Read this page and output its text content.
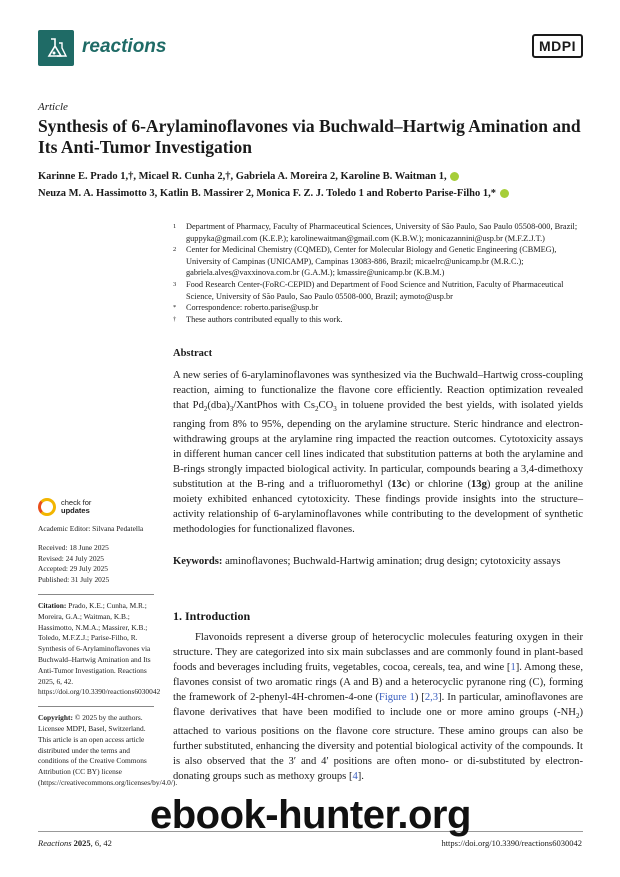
reactions	MDPI
Article
Synthesis of 6-Arylaminoflavones via Buchwald–Hartwig Amination and Its Anti-Tumor Investigation
Karinne E. Prado 1,†, Micael R. Cunha 2,†, Gabriela A. Moreira 2, Karoline B. Waitman 1,
Neuza M. A. Hassimotto 3, Katlin B. Massirer 2, Monica F. Z. J. Toledo 1 and Roberto Parise-Filho 1,*
1 Department of Pharmacy, Faculty of Pharmaceutical Sciences, University of São Paulo, Sao Paulo 05508-000, Brazil; guppyka@gmail.com (K.E.P.); karolinewaitman@gmail.com (K.B.W.); monicazannini@usp.br (M.F.Z.J.T.)
2 Center for Medicinal Chemistry (CQMED), Center for Molecular Biology and Genetic Engineering (CBMEG), University of Campinas (UNICAMP), Campinas 13083-886, Brazil; micaelrc@unicamp.br (M.R.C.); gabriela.alves@vaxxinova.com.br (G.A.M.); kmassire@unicamp.br (K.B.M.)
3 Food Research Center-(FoRC-CEPID) and Department of Food Science and Nutrition, Faculty of Pharmaceutical Science, University of São Paulo, Sao Paulo 05508-000, Brazil; aymoto@usp.br
* Correspondence: roberto.parise@usp.br
† These authors contributed equally to this work.
Abstract
A new series of 6-arylaminoflavones was synthesized via the Buchwald–Hartwig cross-coupling reaction, aiming to functionalize the flavone core efficiently. Reaction optimization revealed that $Pd_2(dba)_3$/XantPhos with $Cs_2CO_3$ in toluene provided the best yields, with isolated yields ranging from 8% to 95%, depending on the arylamine structure. Steric hindrance and electron-withdrawing groups at the arylamine ring impacted the reaction outcomes. Cytotoxicity assays in different human cancer cell lines indicated that substitution patterns at both the arylamine and B-rings strongly impacted biological activity. In particular, compounds bearing a 3,4-dimethoxy substitution at the B-ring and a trifluoromethyl (13c) or chlorine (13g) group at the aniline moiety exhibited enhanced cytotoxicity. These findings provide insights into the structure–activity relationship of 6-arylaminoflavones while contributing to the development of synthetic methodologies for functionalized flavones.
Keywords: aminoflavones; Buchwald-Hartwig amination; drug design; cytotoxicity assays
check for
updates
Academic Editor: Silvana Pedatella
Received: 18 June 2025
Revised: 24 July 2025
Accepted: 29 July 2025
Published: 31 July 2025
Citation: Prado, K.E.; Cunha, M.R.; Moreira, G.A.; Waitman, K.B.; Hassimotto, N.M.A.; Massirer, K.B.; Toledo, M.F.Z.J.; Parise-Filho, R. Synthesis of 6-Arylaminoflavones via Buchwald–Hartwig Amination and Its Anti-Tumor Investigation. Reactions 2025, 6, 42. https://doi.org/10.3390/reactions6030042
Copyright: © 2025 by the authors. Licensee MDPI, Basel, Switzerland. This article is an open access article distributed under the terms and conditions of the Creative Commons Attribution (CC BY) license (https://creativecommons.org/licenses/by/4.0/).
1. Introduction
Flavonoids represent a diverse group of heterocyclic molecules featuring oxygen in their structure. They are categorized into six main subclasses and are commonly found in plant-based foods and beverages including fruits, vegetables, cocoa, cereals, tea, and wine [1]. Among these, flavones consist of two aromatic rings (A and B) and a heterocyclic pyranone ring (C), forming the framework of 2-phenyl-4H-chromen-4-one (Figure 1) [2,3]. In particular, aminoflavones are flavone derivatives that have been modified to include one or more amino groups $(-NH_2)$ attached to various positions on the flavone core structure. These amino groups can also be further substituted, enhancing the diversity and potential biological activity of the compounds. It is also observed that the 3′ and 4′ positions are often mono- or di-substituted by electron-donating groups such as methoxy groups [4].
Reactions 2025, 6, 42	https://doi.org/10.3390/reactions6030042
ebook-hunter.org
